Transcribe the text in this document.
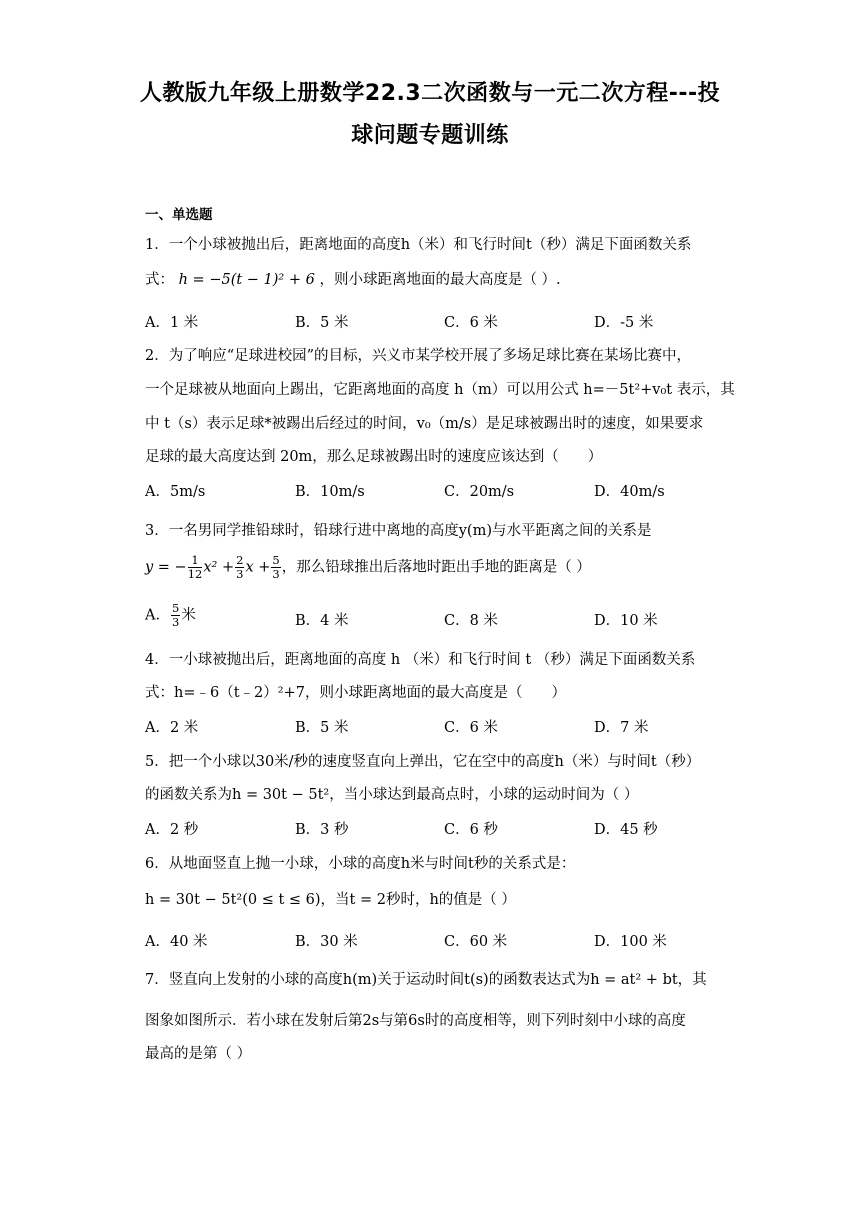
人教版九年级上册数学22.3二次函数与一元二次方程---投
球问题专题训练
一、单选题
1．一个小球被抛出后，距离地面的高度h（米）和飞行时间t（秒）满足下面函数关系
式： h = −5(t − 1)² + 6 ，则小球距离地面的最大高度是（ ）.
A．1 米	B．5 米	C．6 米	D．-5 米
2．为了响应“足球进校园”的目标，兴义市某学校开展了多场足球比赛在某场比赛中，
一个足球被从地面向上踢出，它距离地面的高度 h（m）可以用公式 h=－5t²+v₀t 表示，其
中 t（s）表示足球*被踢出后经过的时间，v₀（m/s）是足球被踢出时的速度，如果要求
足球的最大高度达到 20m，那么足球被踢出时的速度应该达到（　　）
A．5m/s	B．10m/s	C．20m/s	D．40m/s
3．一名男同学推铅球时，铅球行进中离地的高度y(m)与水平距离之间的关系是
y = − $\frac{1}{12} x^2 + \frac{2}{3}$ $x + \frac{5}{3}$ ，那么铅球推出后落地时距出手地的距离是（ ）
A． $\frac{5}{3}$ 米	B．4 米	C．8 米	D．10 米
4．一小球被抛出后，距离地面的高度 h （米）和飞行时间 t （秒）满足下面函数关系
式：h=﹣6（t﹣2）²+7，则小球距离地面的最大高度是（　　）
A．2 米	B．5 米	C．6 米	D．7 米
5．把一个小球以30米/秒的速度竖直向上弹出，它在空中的高度h（米）与时间t（秒）
的函数关系为h = 30t − 5t²，当小球达到最高点时，小球的运动时间为（ ）
A．2 秒	B．3 秒	C．6 秒	D．45 秒
6．从地面竖直上抛一小球，小球的高度h米与时间t秒的关系式是：
h = 30t − 5t²(0 ≤ t ≤ 6)，当t = 2秒时，h的值是（ ）
A．40 米	B．30 米	C．60 米	D．100 米
7．竖直向上发射的小球的高度h(m)关于运动时间t(s)的函数表达式为h = at² + bt，其
图象如图所示．若小球在发射后第2s与第6s时的高度相等，则下列时刻中小球的高度
最高的是第（ ）
